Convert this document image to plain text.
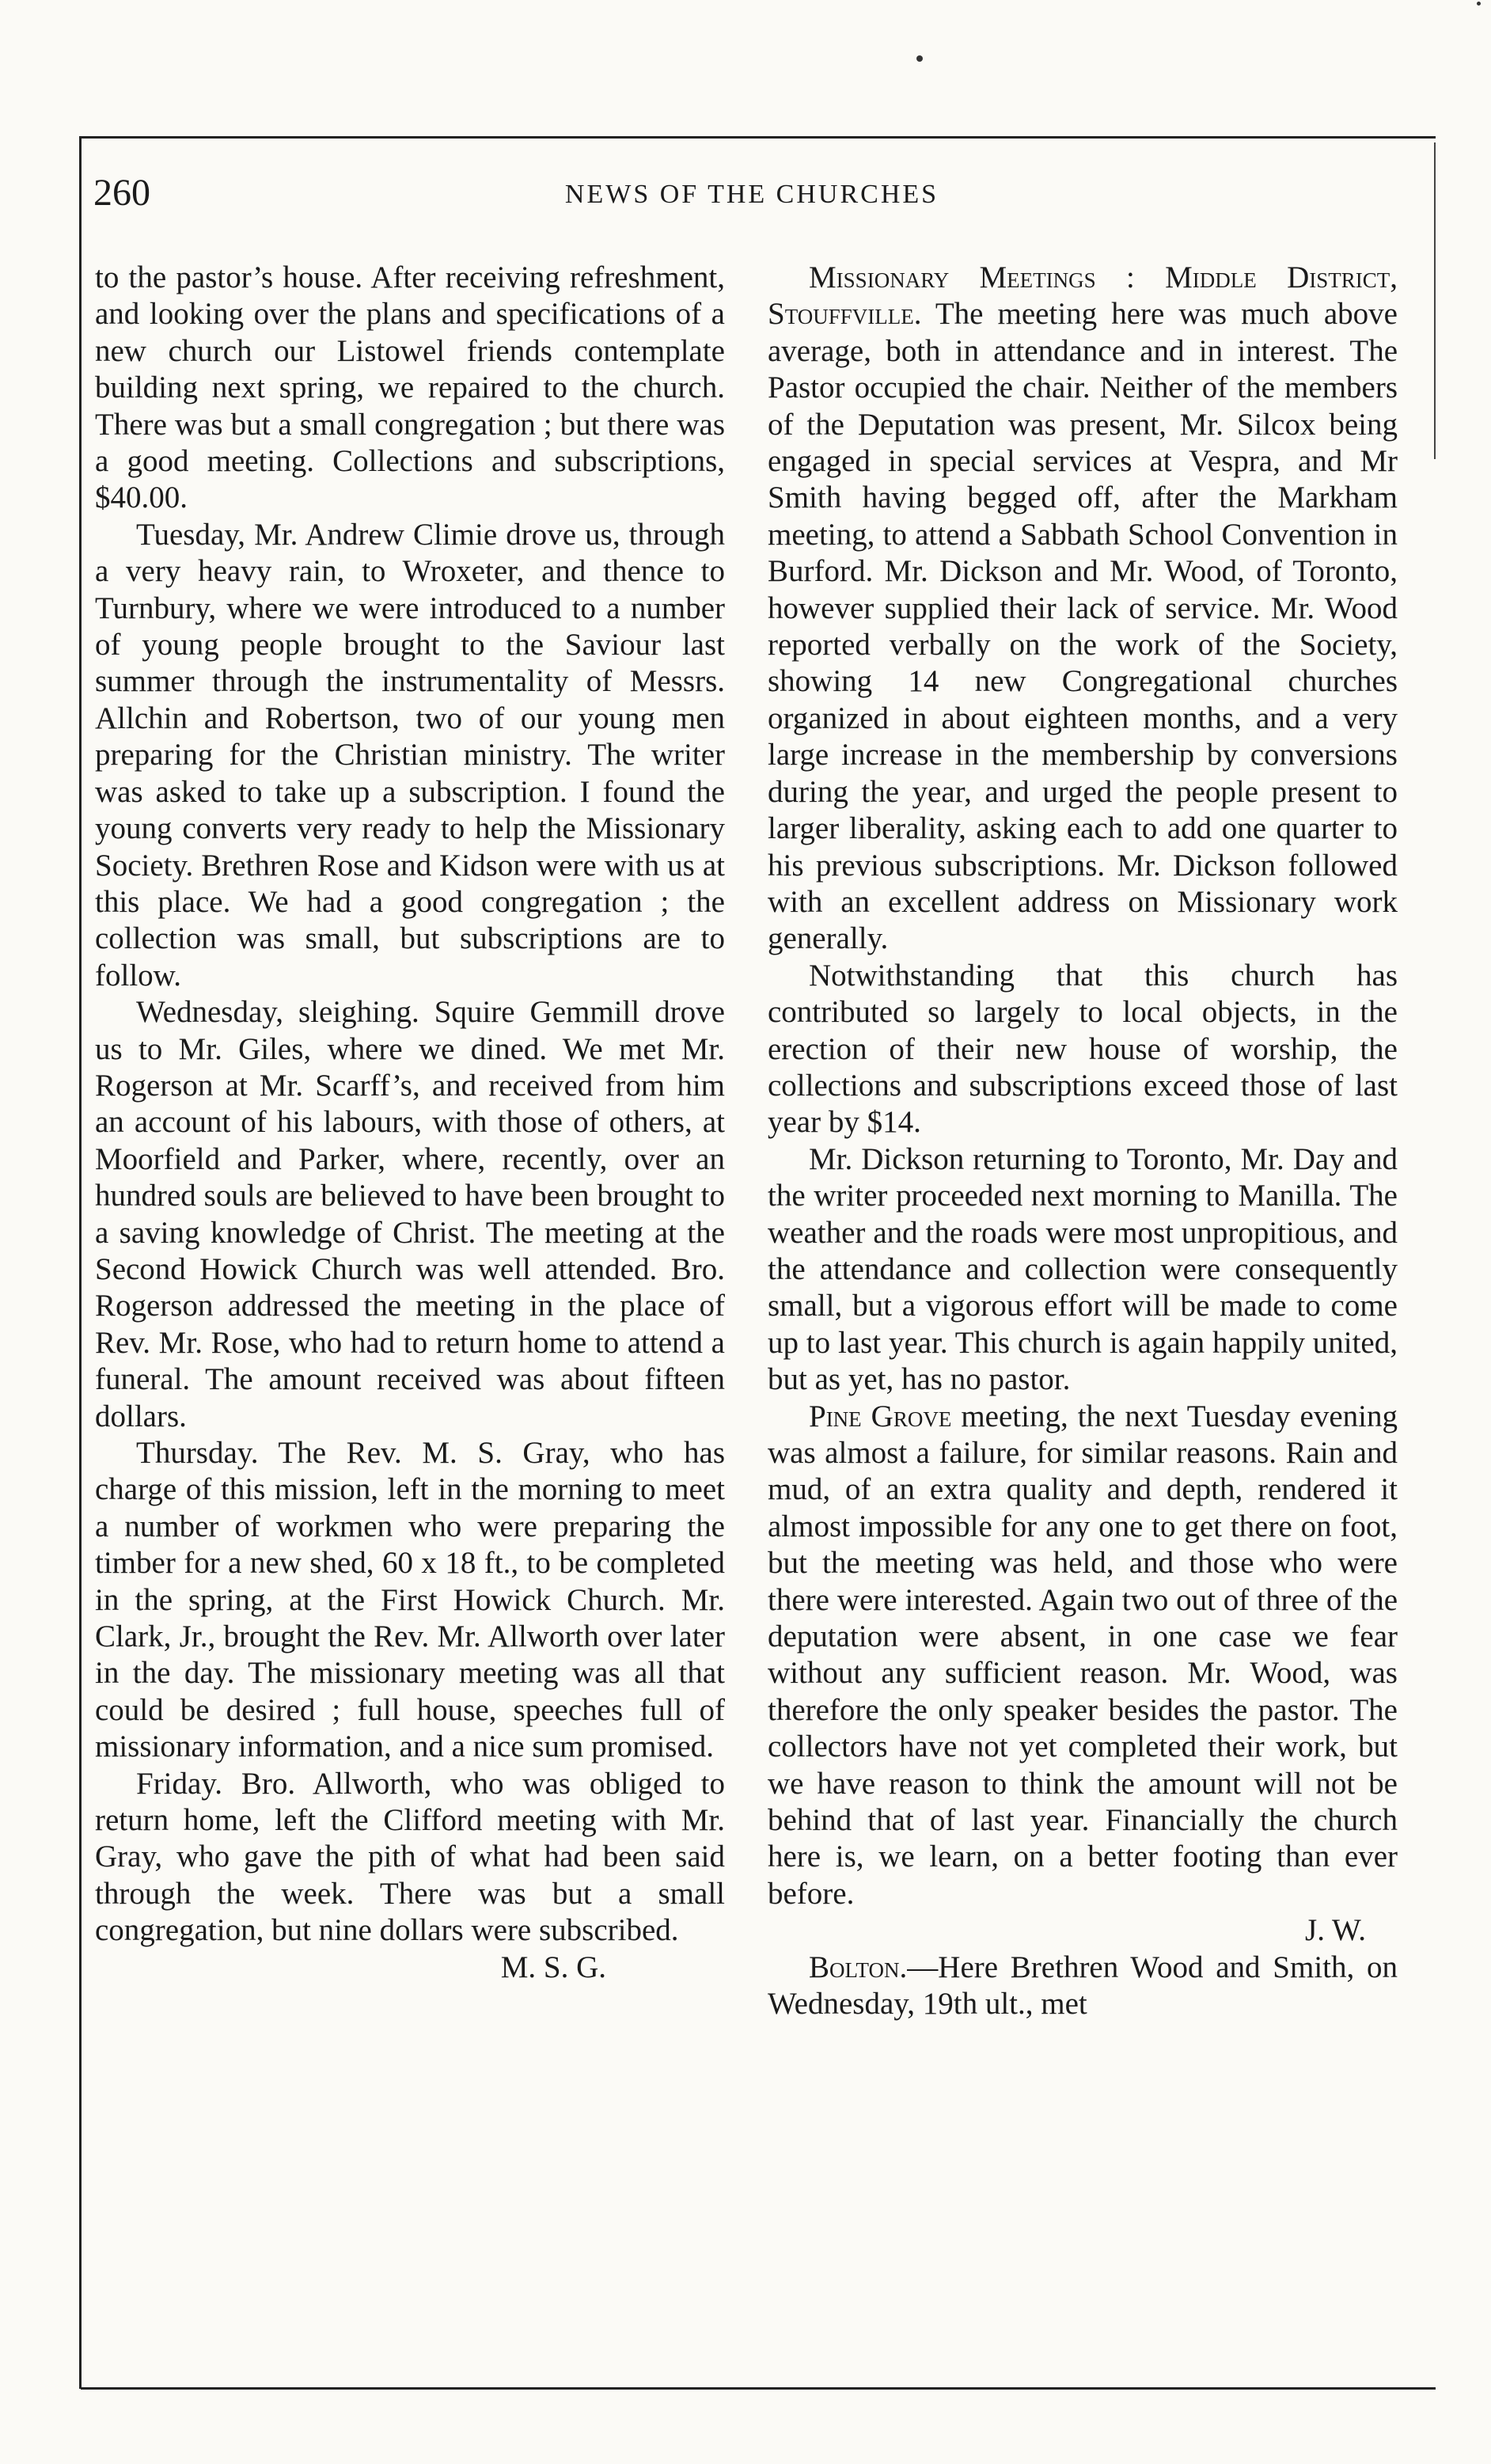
260	NEWS OF THE CHURCHES

to the pastor’s house. After receiving refreshment, and looking over the plans and specifications of a new church our Listowel friends contemplate building next spring, we repaired to the church. There was but a small congregation ; but there was a good meeting. Collections and subscriptions, $40.00.

Tuesday, Mr. Andrew Climie drove us, through a very heavy rain, to Wroxeter, and thence to Turnbury, where we were introduced to a number of young people brought to the Saviour last summer through the instrumentality of Messrs. Allchin and Robertson, two of our young men preparing for the Christian ministry. The writer was asked to take up a subscription. I found the young converts very ready to help the Missionary Society. Brethren Rose and Kidson were with us at this place. We had a good congregation ; the collection was small, but subscriptions are to follow.

Wednesday, sleighing. Squire Gemmill drove us to Mr. Giles, where we dined. We met Mr. Rogerson at Mr. Scarff’s, and received from him an account of his labours, with those of others, at Moorfield and Parker, where, recently, over an hundred souls are believed to have been brought to a saving knowledge of Christ. The meeting at the Second Howick Church was well attended. Bro. Rogerson addressed the meeting in the place of Rev. Mr. Rose, who had to return home to attend a funeral. The amount received was about fifteen dollars.

Thursday. The Rev. M. S. Gray, who has charge of this mission, left in the morning to meet a number of workmen who were preparing the timber for a new shed, 60 x 18 ft., to be completed in the spring, at the First Howick Church. Mr. Clark, Jr., brought the Rev. Mr. Allworth over later in the day. The missionary meeting was all that could be desired ; full house, speeches full of missionary information, and a nice sum promised.

Friday. Bro. Allworth, who was obliged to return home, left the Clifford meeting with Mr. Gray, who gave the pith of what had been said through the week. There was but a small congregation, but nine dollars were subscribed.

M. S. G.

Missionary Meetings : Middle District, Stouffville. The meeting here was much above average, both in attendance and in interest. The Pastor occupied the chair. Neither of the members of the Deputation was present, Mr. Silcox being engaged in special services at Vespra, and Mr Smith having begged off, after the Markham meeting, to attend a Sabbath School Convention in Burford. Mr. Dickson and Mr. Wood, of Toronto, however supplied their lack of service. Mr. Wood reported verbally on the work of the Society, showing 14 new Congregational churches organized in about eighteen months, and a very large increase in the membership by conversions during the year, and urged the people present to larger liberality, asking each to add one quarter to his previous subscriptions. Mr. Dickson followed with an excellent address on Missionary work generally.

Notwithstanding that this church has contributed so largely to local objects, in the erection of their new house of worship, the collections and subscriptions exceed those of last year by $14.

Mr. Dickson returning to Toronto, Mr. Day and the writer proceeded next morning to Manilla. The weather and the roads were most unpropitious, and the attendance and collection were consequently small, but a vigorous effort will be made to come up to last year. This church is again happily united, but as yet, has no pastor.

Pine Grove meeting, the next Tuesday evening was almost a failure, for similar reasons. Rain and mud, of an extra quality and depth, rendered it almost impossible for any one to get there on foot, but the meeting was held, and those who were there were interested. Again two out of three of the deputation were absent, in one case we fear without any sufficient reason. Mr. Wood, was therefore the only speaker besides the pastor. The collectors have not yet completed their work, but we have reason to think the amount will not be behind that of last year. Financially the church here is, we learn, on a better footing than ever before.

J. W.

Bolton.—Here Brethren Wood and Smith, on Wednesday, 19th ult., met
